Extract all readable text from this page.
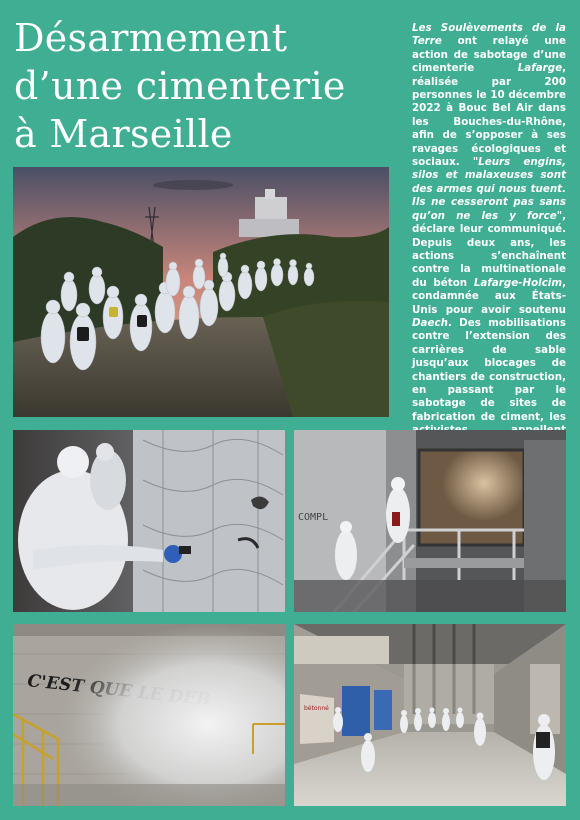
Désarmement
d’une cimenterie
à Marseille

Les Soulèvements de la Terre ont relayé une action de sabotage d’une cimenterie Lafarge, réalisée par 200 personnes le 10 décembre 2022 à Bouc Bel Air dans les Bouches-du-Rhône, afin de s’opposer à ses ravages écologiques et sociaux. "Leurs engins, silos et malaxeuses sont des armes qui nous tuent. Ils ne cesseront pas sans qu’on ne les y force", déclare leur communiqué. Depuis deux ans, les actions s’enchaînent contre la multinationale du béton Lafarge-Holcim, condamnée aux États-Unis pour avoir soutenu Daech. Des mobilisations contre l’extension des carrières de sable jusqu’aux blocages de chantiers de construction, en passant par le sabotage de sites de fabrication de ciment, les

COMPL
bétonné
